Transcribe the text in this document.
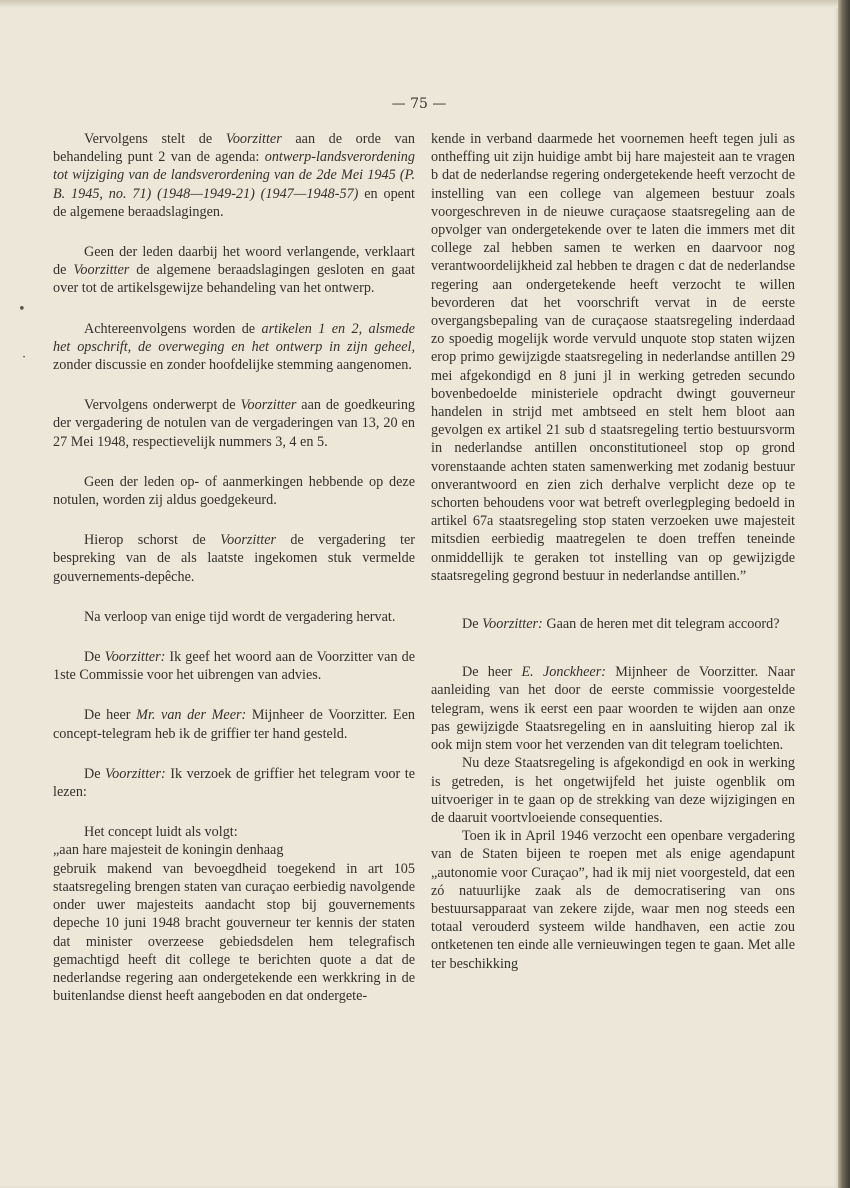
— 75 —
•
·

Vervolgens stelt de Voorzitter aan de orde van behandeling punt 2 van de agenda: ontwerp-landsverordening tot wijziging van de landsverordening van de 2de Mei 1945 (P. B. 1945, no. 71) (1948—1949-21) (1947—1948-57) en opent de algemene beraadslagingen.

Geen der leden daarbij het woord verlangende, verklaart de Voorzitter de algemene beraadslagingen gesloten en gaat over tot de artikelsgewijze behandeling van het ontwerp.

Achtereenvolgens worden de artikelen 1 en 2, alsmede het opschrift, de overweging en het ontwerp in zijn geheel, zonder discussie en zonder hoofdelijke stemming aangenomen.

Vervolgens onderwerpt de Voorzitter aan de goedkeuring der vergadering de notulen van de vergaderingen van 13, 20 en 27 Mei 1948, respectievelijk nummers 3, 4 en 5.

Geen der leden op- of aanmerkingen hebbende op deze notulen, worden zij aldus goedgekeurd.

Hierop schorst de Voorzitter de vergadering ter bespreking van de als laatste ingekomen stuk vermelde gouvernements-depêche.

Na verloop van enige tijd wordt de vergadering hervat.

De Voorzitter: Ik geef het woord aan de Voorzitter van de 1ste Commissie voor het uibrengen van advies.

De heer Mr. van der Meer: Mijnheer de Voorzitter. Een concept-telegram heb ik de griffier ter hand gesteld.

De Voorzitter: Ik verzoek de griffier het telegram voor te lezen:

Het concept luidt als volgt:

„aan hare majesteit de koningin denhaag

gebruik makend van bevoegdheid toegekend in art 105 staatsregeling brengen staten van curaçao eerbiedig navolgende onder uwer majesteits aandacht stop bij gouvernements depeche 10 juni 1948 bracht gouverneur ter kennis der staten dat minister overzeese gebiedsdelen hem telegrafisch gemachtigd heeft dit college te berichten quote a dat de nederlandse regering aan ondergetekende een werkkring in de buitenlandse dienst heeft aangeboden en dat ondergete-

kende in verband daarmede het voornemen heeft tegen juli as ontheffing uit zijn huidige ambt bij hare majesteit aan te vragen b dat de nederlandse regering ondergetekende heeft verzocht de instelling van een college van algemeen bestuur zoals voorgeschreven in de nieuwe curaçaose staatsregeling aan de opvolger van ondergetekende over te laten die immers met dit college zal hebben samen te werken en daarvoor nog verantwoordelijkheid zal hebben te dragen c dat de nederlandse regering aan ondergetekende heeft verzocht te willen bevorderen dat het voorschrift vervat in de eerste overgangsbepaling van de curaçaose staatsregeling inderdaad zo spoedig mogelijk worde vervuld unquote stop staten wijzen erop primo gewijzigde staatsregeling in nederlandse antillen 29 mei afgekondigd en 8 juni jl in werking getreden secundo bovenbedoelde ministeriele opdracht dwingt gouverneur handelen in strijd met ambtseed en stelt hem bloot aan gevolgen ex artikel 21 sub d staatsregeling tertio bestuursvorm in nederlandse antillen onconstitutioneel stop op grond vorenstaande achten staten samenwerking met zodanig bestuur onverantwoord en zien zich derhalve verplicht deze op te schorten behoudens voor wat betreft overlegpleging bedoeld in artikel 67a staatsregeling stop staten verzoeken uwe majesteit mitsdien eerbiedig maatregelen te doen treffen teneinde onmiddellijk te geraken tot instelling van op gewijzigde staatsregeling gegrond bestuur in nederlandse antillen.”

De Voorzitter: Gaan de heren met dit telegram accoord?

De heer E. Jonckheer: Mijnheer de Voorzitter. Naar aanleiding van het door de eerste commissie voorgestelde telegram, wens ik eerst een paar woorden te wijden aan onze pas gewijzigde Staatsregeling en in aansluiting hierop zal ik ook mijn stem voor het verzenden van dit telegram toelichten.

Nu deze Staatsregeling is afgekondigd en ook in werking is getreden, is het ongetwijfeld het juiste ogenblik om uitvoeriger in te gaan op de strekking van deze wijzigingen en de daaruit voortvloeiende consequenties.

Toen ik in April 1946 verzocht een openbare vergadering van de Staten bijeen te roepen met als enige agendapunt „autonomie voor Curaçao”, had ik mij niet voorgesteld, dat een zó natuurlijke zaak als de democratisering van ons bestuursapparaat van zekere zijde, waar men nog steeds een totaal verouderd systeem wilde handhaven, een actie zou ontketenen ten einde alle vernieuwingen tegen te gaan. Met alle ter beschikking
